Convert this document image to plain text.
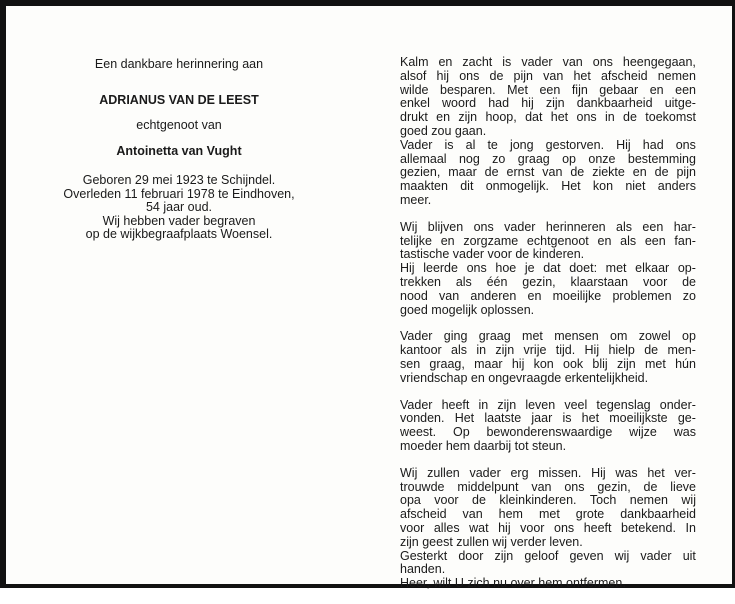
Een dankbare herinnering aan
ADRIANUS VAN DE LEEST
echtgenoot van
Antoinetta van Vught
Geboren 29 mei 1923 te Schijndel.
Overleden 11 februari 1978 te Eindhoven,
54 jaar oud.
Wij hebben vader begraven
op de wijkbegraafplaats Woensel.
Kalm en zacht is vader van ons heengegaan,
alsof hij ons de pijn van het afscheid nemen
wilde besparen. Met een fijn gebaar en een
enkel woord had hij zijn dankbaarheid uitge-
drukt en zijn hoop, dat het ons in de toekomst
goed zou gaan.
Vader is al te jong gestorven. Hij had ons
allemaal nog zo graag op onze bestemming
gezien, maar de ernst van de ziekte en de pijn
maakten dit onmogelijk. Het kon niet anders
meer.
Wij blijven ons vader herinneren als een har-
telijke en zorgzame echtgenoot en als een fan-
tastische vader voor de kinderen.
Hij leerde ons hoe je dat doet: met elkaar op-
trekken als één gezin, klaarstaan voor de
nood van anderen en moeilijke problemen zo
goed mogelijk oplossen.
Vader ging graag met mensen om zowel op
kantoor als in zijn vrije tijd. Hij hielp de men-
sen graag, maar hij kon ook blij zijn met hún
vriendschap en ongevraagde erkentelijkheid.
Vader heeft in zijn leven veel tegenslag onder-
vonden. Het laatste jaar is het moeilijkste ge-
weest. Op bewonderenswaardige wijze was
moeder hem daarbij tot steun.
Wij zullen vader erg missen. Hij was het ver-
trouwde middelpunt van ons gezin, de lieve
opa voor de kleinkinderen. Toch nemen wij
afscheid van hem met grote dankbaarheid
voor alles wat hij voor ons heeft betekend. In
zijn geest zullen wij verder leven.
Gesterkt door zijn geloof geven wij vader uit
handen.
Heer, wilt U zich nu over hem ontfermen.
